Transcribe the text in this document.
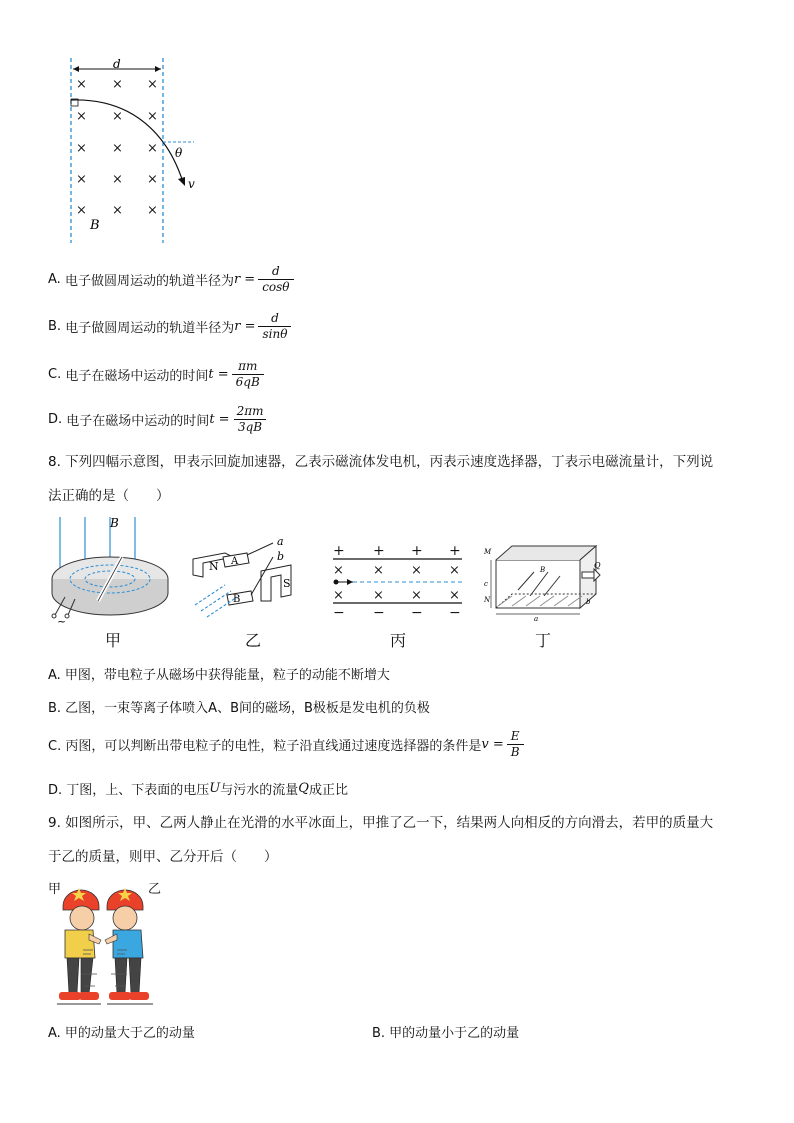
d
× × ×
× × ×
× × ×
× × ×
× × ×
θ
v
B
A.
电子做圆周运动的轨道半径为 $r = \frac{d}{\cos\theta}$
B.
电子做圆周运动的轨道半径为 $r = \frac{d}{\sin\theta}$
C.
电子在磁场中运动的时间 $t = \frac{\pi m}{6qB}$
D.
电子在磁场中运动的时间 $t = \frac{2\pi m}{3qB}$
8. 下列四幅示意图，甲表示回旋加速器，乙表示磁流体发电机，丙表示速度选择器，丁表示电磁流量计，下列说
法正确的是（　　）
B
~
甲
N A
B
S
a
b
乙
+ + + +
× × × ×
× × × ×
− − − −
丙
B	Q
M
N
c
a
b
丁
A. 甲图，带电粒子从磁场中获得能量，粒子的动能不断增大
B. 乙图，一束等离子体喷入A、B间的磁场，B极板是发电机的负极
C. 丙图，可以判断出带电粒子的电性，粒子沿直线通过速度选择器的条件是 $v = \frac{E}{B}$
D. 丁图，上、下表面的电压 U 与污水的流量 Q 成正比
9. 如图所示，甲、乙两人静止在光滑的水平冰面上，甲推了乙一下，结果两人向相反的方向滑去，若甲的质量大
于乙的质量，则甲、乙分开后（　　）
甲	乙
A. 甲的动量大于乙的动量	B. 甲的动量小于乙的动量
